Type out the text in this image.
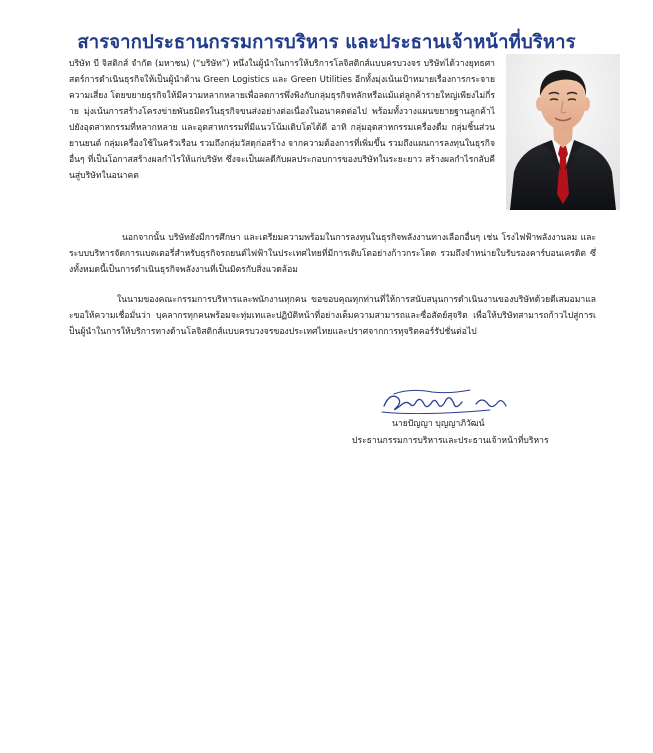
สารจากประธานกรรมการบริหาร และประธานเจ้าหน้าที่บริหาร

บริษัท บี จิสติกส์ จำกัด (มหาชน) (“บริษัท”) หนึ่งในผู้นำในการให้บริการโลจิสติกส์แบบครบวงจร บริษัทได้วางยุทธศาสตร์การดำเนินธุรกิจให้เป็นผู้นำด้าน Green Logistics และ Green Utilities อีกทั้งมุ่งเน้นเป้าหมายเรื่องการกระจายความเสี่ยง โดยขยายธุรกิจให้มีความหลากหลายเพื่อลดการพึ่งพิงกับกลุ่มธุรกิจหลักหรือแม้แต่ลูกค้ารายใหญ่เพียงไม่กี่ราย มุ่งเน้นการสร้างโครงข่ายพันธมิตรในธุรกิจขนส่งอย่างต่อเนื่องในอนาคตต่อไป พร้อมทั้งวางแผนขยายฐานลูกค้าไปยังอุตสาหกรรมที่หลากหลาย และอุตสาหกรรมที่มีแนวโน้มเติบโตได้ดี อาทิ กลุ่มอุตสาหกรรมเครื่องดื่ม กลุ่มชิ้นส่วนยานยนต์ กลุ่มเครื่องใช้ในครัวเรือน รวมถึงกลุ่มวัสดุก่อสร้าง จากความต้องการที่เพิ่มขึ้น รวมถึงแผนการลงทุนในธุรกิจอื่นๆ ที่เป็นโอกาสสร้างผลกำไรให้แก่บริษัท ซึ่งจะเป็นผลดีกับผลประกอบการของบริษัทในระยะยาว สร้างผลกำไรกลับคืนสู่บริษัทในอนาคต

นอกจากนั้น บริษัทยังมีการศึกษา และเตรียมความพร้อมในการลงทุนในธุรกิจพลังงานทางเลือกอื่นๆ เช่น โรงไฟฟ้าพลังงานลม และระบบบริหารจัดการแบตเตอรี่สำหรับธุรกิจรถยนต์ไฟฟ้าในประเทศไทยที่มีการเติบโตอย่างก้าวกระโดด รวมถึงจำหน่ายใบรับรองคาร์บอนเครดิต ซึ่งทั้งหมดนี้เป็นการดำเนินธุรกิจพลังงานที่เป็นมิตรกับสิ่งแวดล้อม

ในนามของคณะกรรมการบริหารและพนักงานทุกคน ขอขอบคุณทุกท่านที่ให้การสนับสนุนการดำเนินงานของบริษัทด้วยดีเสมอมาและขอให้ความเชื่อมั่นว่า บุคลากรทุกคนพร้อมจะทุ่มเทและปฏิบัติหน้าที่อย่างเต็มความสามารถและซื่อสัตย์สุจริต เพื่อให้บริษัทสามารถก้าวไปสู่การเป็นผู้นำในการให้บริการทางด้านโลจิสติกส์แบบครบวงจรของประเทศไทยและปราศจากการทุจริตคอร์รัปชั่นต่อไป

นายปัญญา บุญญาภิวัฒน์
ประธานกรรมการบริหารและประธานเจ้าหน้าที่บริหาร
